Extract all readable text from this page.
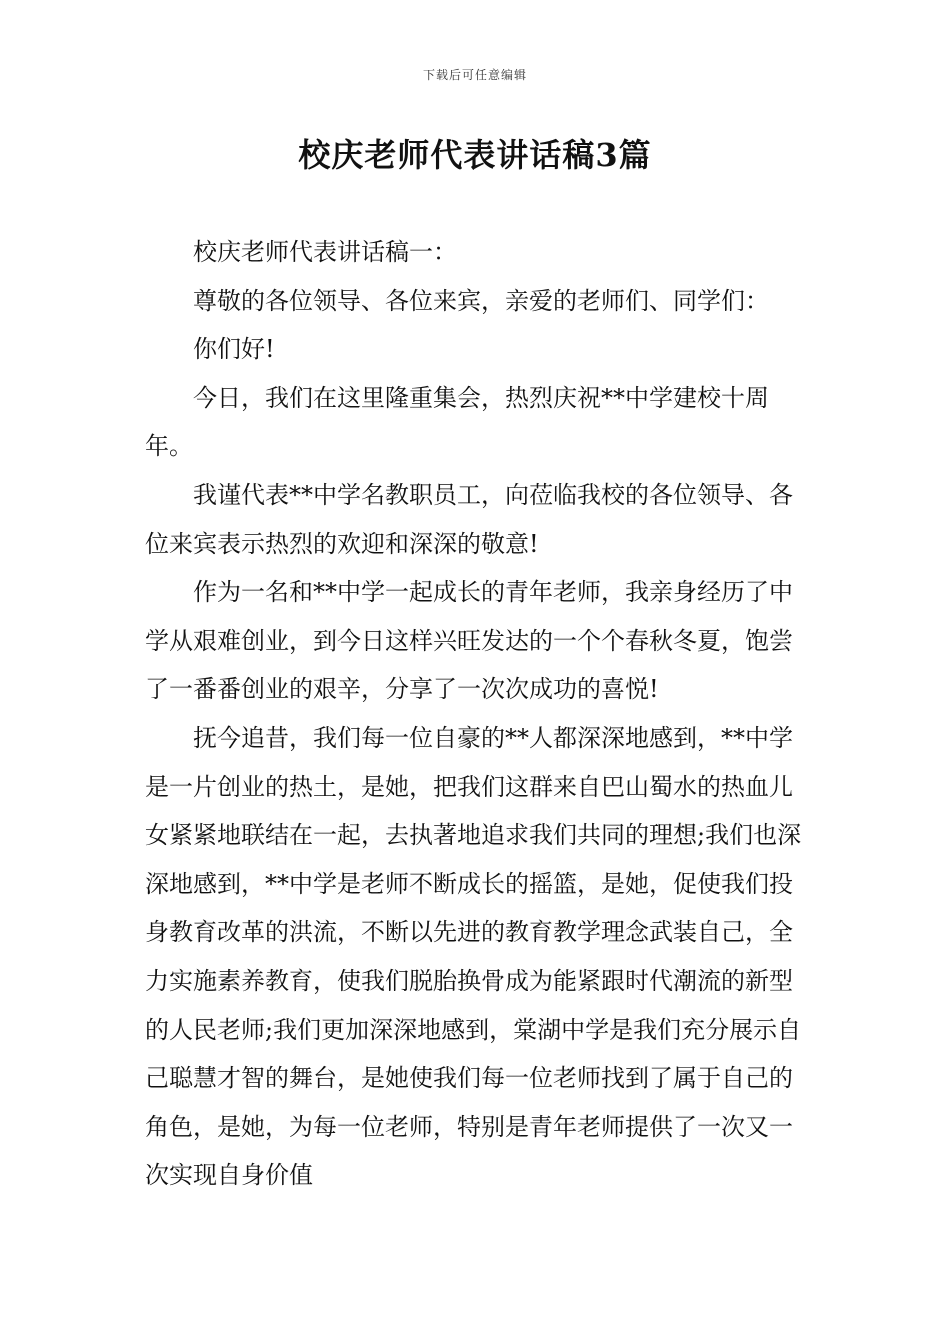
下载后可任意编辑
校庆老师代表讲话稿3篇

校庆老师代表讲话稿一：

尊敬的各位领导、各位来宾，亲爱的老师们、同学们：

你们好!

今日，我们在这里隆重集会，热烈庆祝**中学建校十周年。

我谨代表**中学名教职员工，向莅临我校的各位领导、各位来宾表示热烈的欢迎和深深的敬意!

作为一名和**中学一起成长的青年老师，我亲身经历了中学从艰难创业，到今日这样兴旺发达的一个个春秋冬夏，饱尝了一番番创业的艰辛，分享了一次次成功的喜悦!

抚今追昔，我们每一位自豪的**人都深深地感到，**中学是一片创业的热土，是她，把我们这群来自巴山蜀水的热血儿女紧紧地联结在一起，去执著地追求我们共同的理想;我们也深深地感到，**中学是老师不断成长的摇篮，是她，促使我们投身教育改革的洪流，不断以先进的教育教学理念武装自己，全力实施素养教育，使我们脱胎换骨成为能紧跟时代潮流的新型的人民老师;我们更加深深地感到，棠湖中学是我们充分展示自己聪慧才智的舞台，是她使我们每一位老师找到了属于自己的角色，是她，为每一位老师，特别是青年老师提供了一次又一次实现自身价值
